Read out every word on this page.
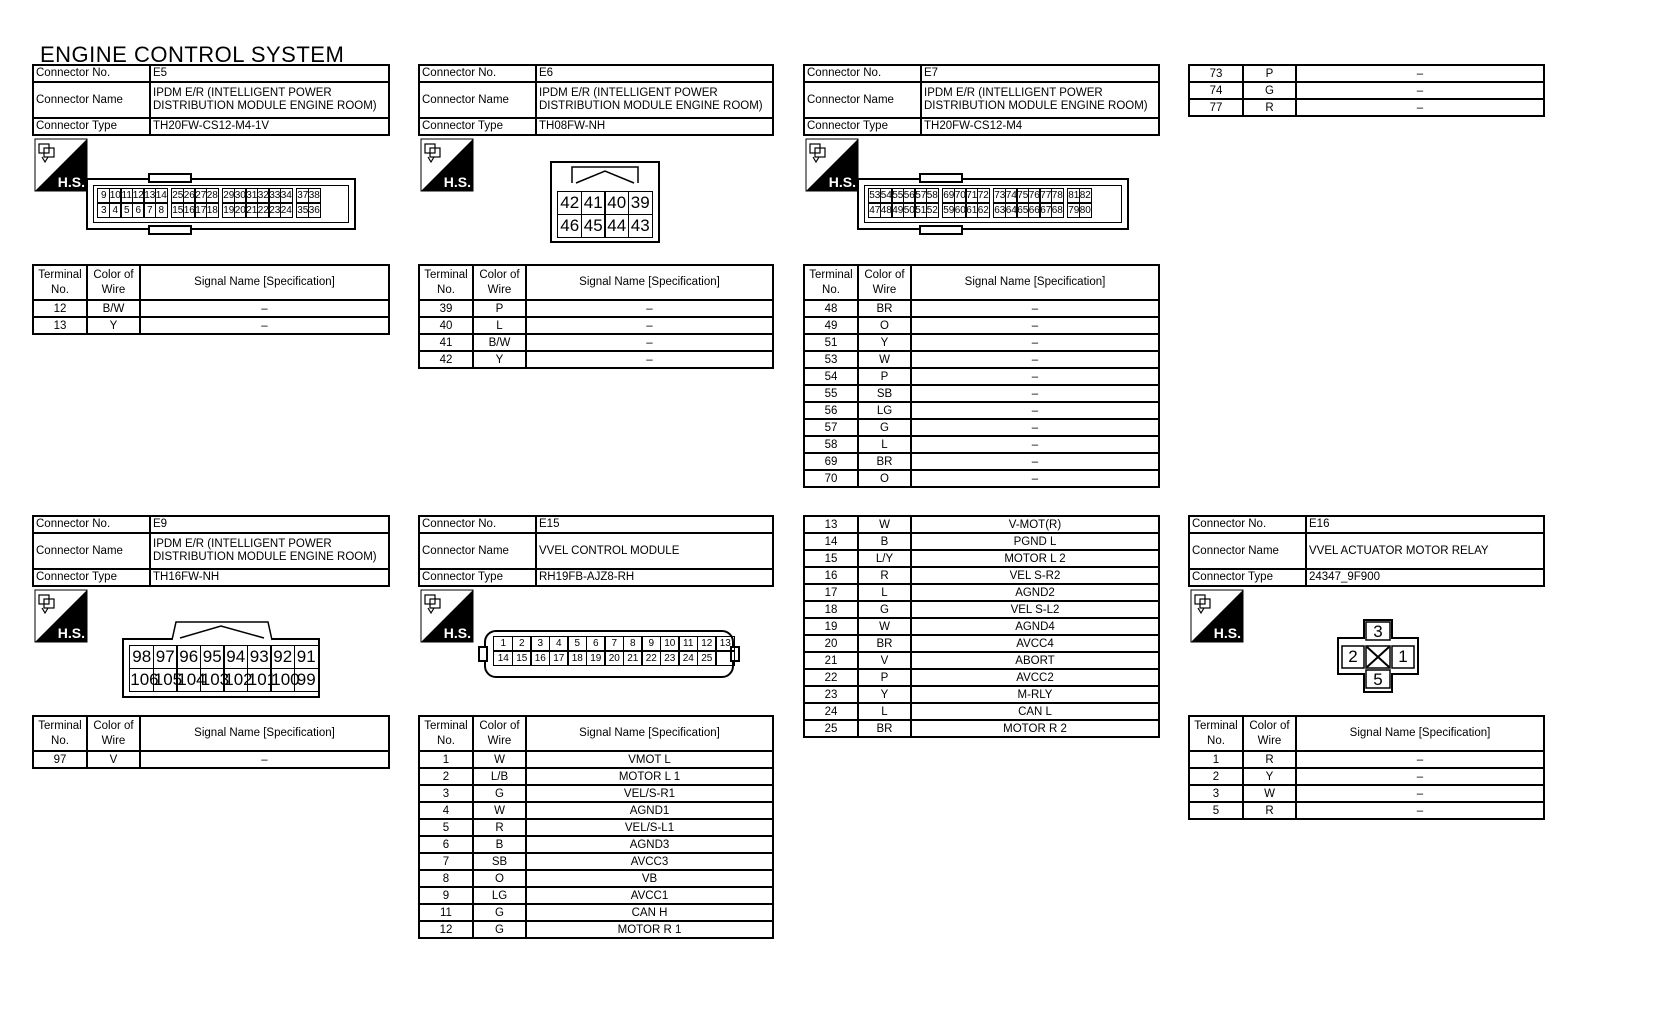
ENGINE CONTROL SYSTEM
Connector No.	E5
Connector Name	IPDM E/R (INTELLIGENT POWER DISTRIBUTION MODULE ENGINE ROOM)
Connector Type	TH20FW-CS12-M4-1V
H.S.
9 10 11 12 13 14 25 26 27 28 29 30 31 32 33 34 37 38
3 4 5 6 7 8 15 16 17 18 19 20 21 22 23 24 35 36
Terminal No.	Color of Wire	Signal Name [Specification]
12	B/W	–
13	Y	–
Connector No.	E6
Connector Name	IPDM E/R (INTELLIGENT POWER DISTRIBUTION MODULE ENGINE ROOM)
Connector Type	TH08FW-NH
H.S.
42 41 40 39
46 45 44 43
Terminal No.	Color of Wire	Signal Name [Specification]
39	P	–
40	L	–
41	B/W	–
42	Y	–
Connector No.	E7
Connector Name	IPDM E/R (INTELLIGENT POWER DISTRIBUTION MODULE ENGINE ROOM)
Connector Type	TH20FW-CS12-M4
H.S.
53 54 55 56 57 58 69 70 71 72 73 74 75 76 77 78 81 82
47 48 49 50 51 52 59 60 61 62 63 64 65 66 67 68 79 80
Terminal No.	Color of Wire	Signal Name [Specification]
48	BR	–
49	O	–
51	Y	–
53	W	–
54	P	–
55	SB	–
56	LG	–
57	G	–
58	L	–
69	BR	–
70	O	–
73	P	–
74	G	–
77	R	–
Connector No.	E9
Connector Name	IPDM E/R (INTELLIGENT POWER DISTRIBUTION MODULE ENGINE ROOM)
Connector Type	TH16FW-NH
H.S.
98 97 96 95 94 93 92 91
106
105
104
103
102
101
100
99
Terminal No.	Color of Wire	Signal Name [Specification]
97	V	–
Connector No.	E15
Connector Name	VVEL CONTROL MODULE
Connector Type	RH19FB-AJZ8-RH
H.S.
1	2	3	4	5	6	7	8	9	10 11 12 13
14 15 16 17 18 19 20 21 22 23 24 25
Terminal No.	Color of Wire	Signal Name [Specification]
1	W	VMOT L
2	L/B	MOTOR L 1
3	G	VEL/S-R1
4	W	AGND1
5	R	VEL/S-L1
6	B	AGND3
7	SB	AVCC3
8	O	VB
9	LG	AVCC1
11	G	CAN H
12	G	MOTOR R 1
13	W	V-MOT(R)
14	B	PGND L
15	L/Y	MOTOR L 2
16	R	VEL S-R2
17	L	AGND2
18	G	VEL S-L2
19	W	AGND4
20	BR	AVCC4
21	V	ABORT
22	P	AVCC2
23	Y	M-RLY
24	L	CAN L
25	BR	MOTOR R 2
Connector No.	E16
Connector Name	VVEL ACTUATOR MOTOR RELAY
Connector Type	24347_9F900
H.S.	3
2	1
5
Terminal No.	Color of Wire	Signal Name [Specification]
1	R	–
2	Y	–
3	W	–
5	R	–
